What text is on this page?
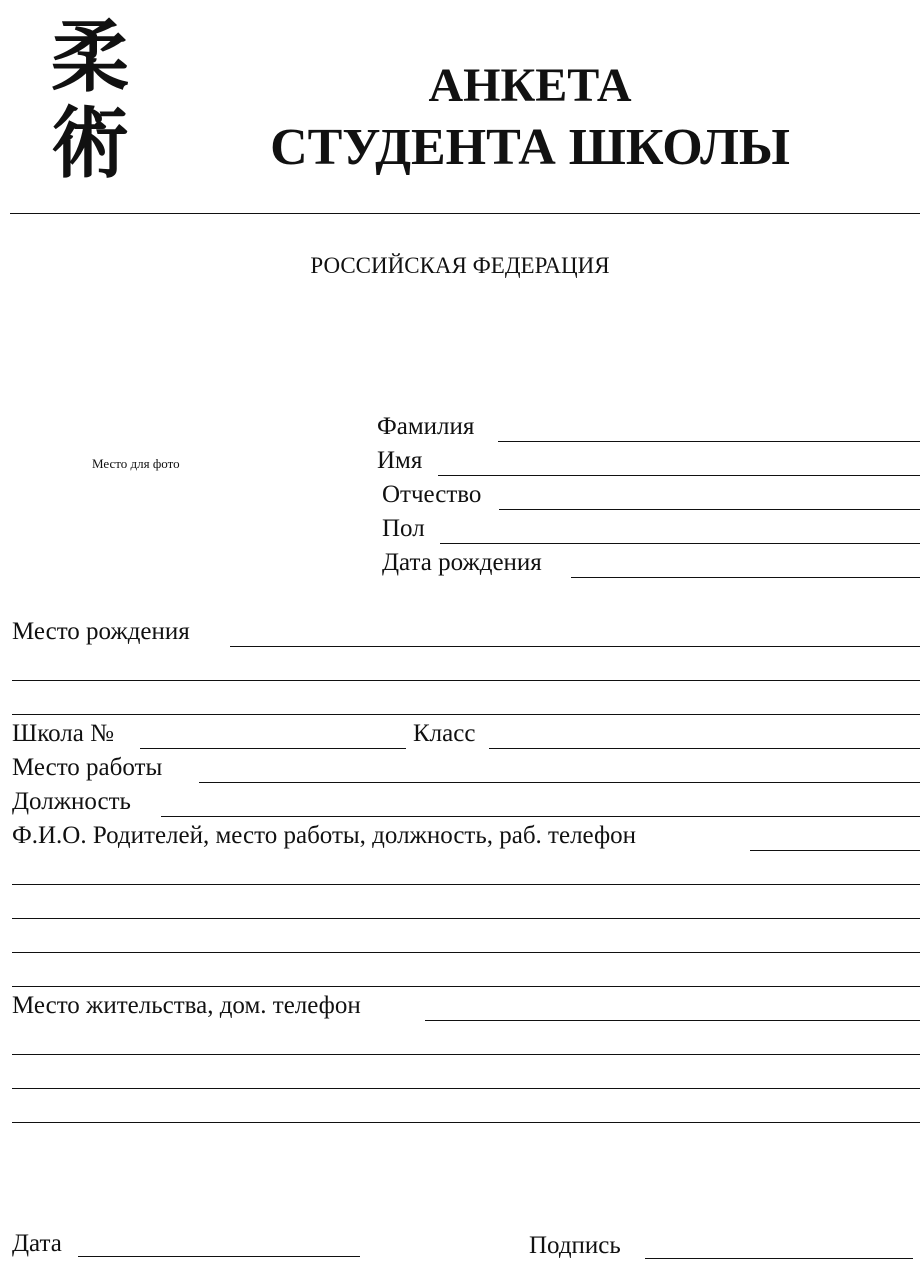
柔
術
АНКЕТА
СТУДЕНТА ШКОЛЫ
РОССИЙСКАЯ ФЕДЕРАЦИЯ
Место для фото
Фамилия
Имя
Отчество
Пол
Дата рождения
Место рождения
Школа №	Класс
Место работы
Должность
Ф.И.О. Родителей, место работы, должность, раб. телефон
Место жительства, дом. телефон
Дата	Подпись
